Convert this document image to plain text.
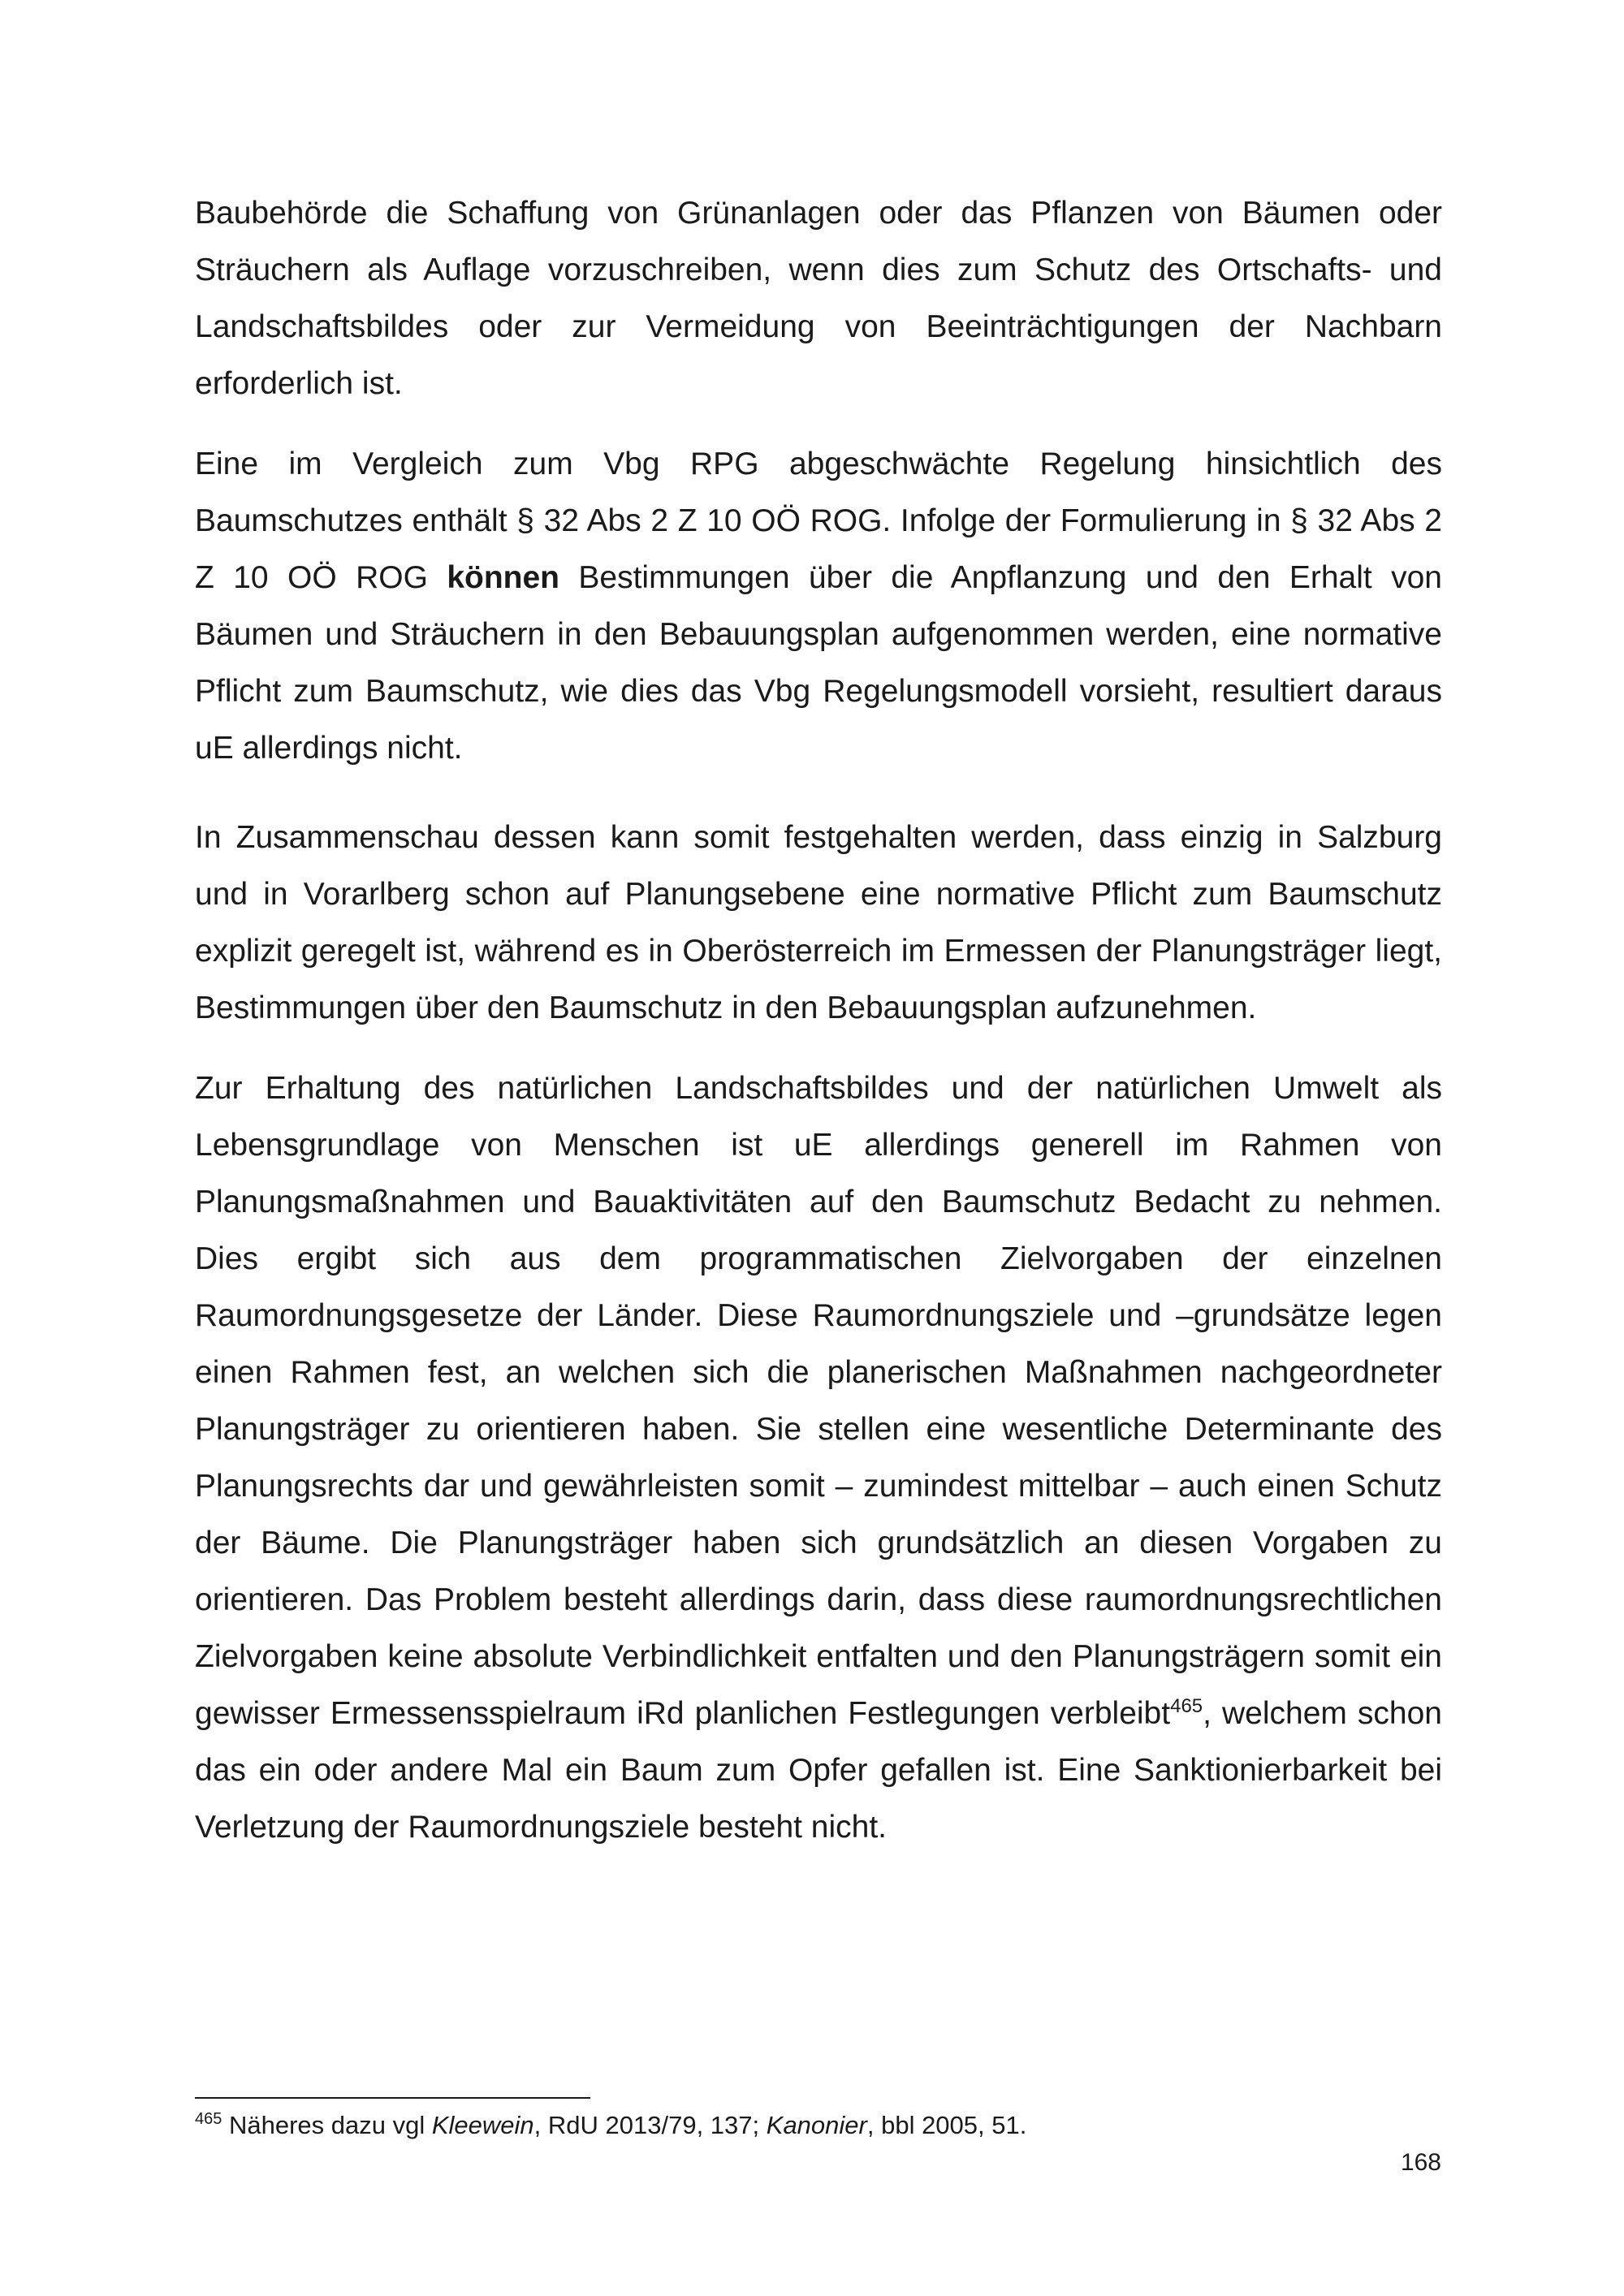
Baubehörde die Schaffung von Grünanlagen oder das Pflanzen von Bäumen oder Sträuchern als Auflage vorzuschreiben, wenn dies zum Schutz des Ortschafts- und Landschaftsbildes oder zur Vermeidung von Beeinträchtigungen der Nachbarn erforderlich ist.

Eine im Vergleich zum Vbg RPG abgeschwächte Regelung hinsichtlich des Baumschutzes enthält § 32 Abs 2 Z 10 OÖ ROG. Infolge der Formulierung in § 32 Abs 2 Z 10 OÖ ROG können Bestimmungen über die Anpflanzung und den Erhalt von Bäumen und Sträuchern in den Bebauungsplan aufgenommen werden, eine normative Pflicht zum Baumschutz, wie dies das Vbg Regelungsmodell vorsieht, resultiert daraus uE allerdings nicht.

In Zusammenschau dessen kann somit festgehalten werden, dass einzig in Salzburg und in Vorarlberg schon auf Planungsebene eine normative Pflicht zum Baumschutz explizit geregelt ist, während es in Oberösterreich im Ermessen der Planungsträger liegt, Bestimmungen über den Baumschutz in den Bebauungsplan aufzunehmen.

Zur Erhaltung des natürlichen Landschaftsbildes und der natürlichen Umwelt als Lebensgrundlage von Menschen ist uE allerdings generell im Rahmen von Planungsmaßnahmen und Bauaktivitäten auf den Baumschutz Bedacht zu nehmen. Dies ergibt sich aus dem programmatischen Zielvorgaben der einzelnen Raumordnungsgesetze der Länder. Diese Raumordnungsziele und –grundsätze legen einen Rahmen fest, an welchen sich die planerischen Maßnahmen nachgeordneter Planungsträger zu orientieren haben. Sie stellen eine wesentliche Determinante des Planungsrechts dar und gewährleisten somit – zumindest mittelbar – auch einen Schutz der Bäume. Die Planungsträger haben sich grundsätzlich an diesen Vorgaben zu orientieren. Das Problem besteht allerdings darin, dass diese raumordnungsrechtlichen Zielvorgaben keine absolute Verbindlichkeit entfalten und den Planungsträgern somit ein gewisser Ermessensspielraum iRd planlichen Festlegungen verbleibt$^{465}$, welchem schon das ein oder andere Mal ein Baum zum Opfer gefallen ist. Eine Sanktionierbarkeit bei Verletzung der Raumordnungsziele besteht nicht.

$^{465}$ Näheres dazu vgl Kleewein, RdU 2013/79, 137; Kanonier, bbl 2005, 51.

168
